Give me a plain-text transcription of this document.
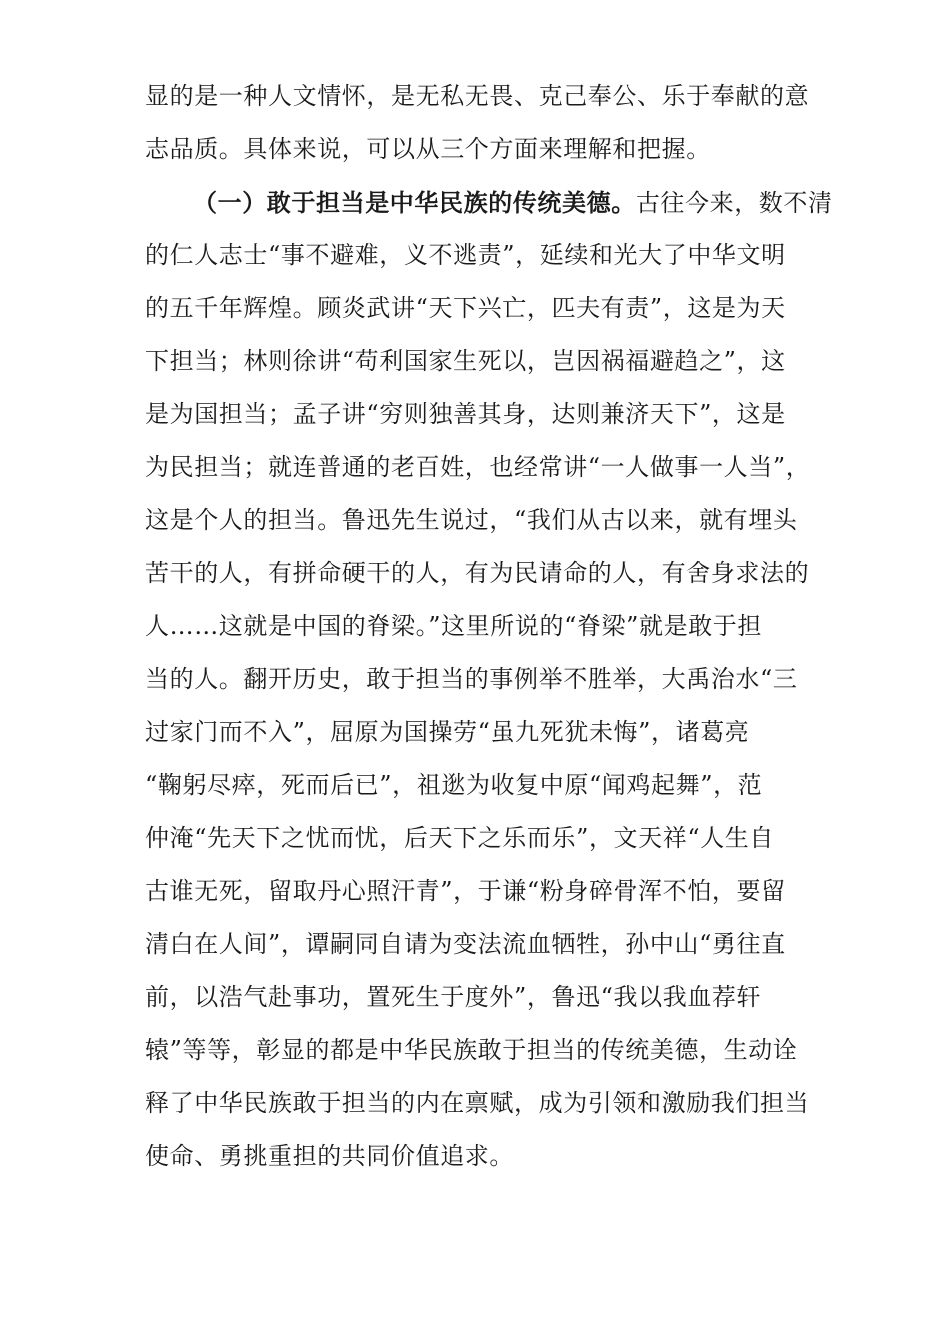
显的是一种人文情怀，是无私无畏、克己奉公、乐于奉献的意
志品质。具体来说，可以从三个方面来理解和把握。
（一）敢于担当是中华民族的传统美德。古往今来，数不清
的仁人志士“事不避难，义不逃责”，延续和光大了中华文明
的五千年辉煌。顾炎武讲“天下兴亡，匹夫有责”，这是为天
下担当；林则徐讲“苟利国家生死以，岂因祸福避趋之”，这
是为国担当；孟子讲“穷则独善其身，达则兼济天下”，这是
为民担当；就连普通的老百姓，也经常讲“一人做事一人当”，
这是个人的担当。鲁迅先生说过，“我们从古以来，就有埋头
苦干的人，有拼命硬干的人，有为民请命的人，有舍身求法的
人……这就是中国的脊梁。”这里所说的“脊梁”就是敢于担
当的人。翻开历史，敢于担当的事例举不胜举，大禹治水“三
过家门而不入”，屈原为国操劳“虽九死犹未悔”，诸葛亮
“鞠躬尽瘁，死而后已”，祖逖为收复中原“闻鸡起舞”，范
仲淹“先天下之忧而忧，后天下之乐而乐”，文天祥“人生自
古谁无死，留取丹心照汗青”，于谦“粉身碎骨浑不怕，要留
清白在人间”，谭嗣同自请为变法流血牺牲，孙中山“勇往直
前，以浩气赴事功，置死生于度外”，鲁迅“我以我血荐轩
辕”等等，彰显的都是中华民族敢于担当的传统美德，生动诠
释了中华民族敢于担当的内在禀赋，成为引领和激励我们担当
使命、勇挑重担的共同价值追求。
